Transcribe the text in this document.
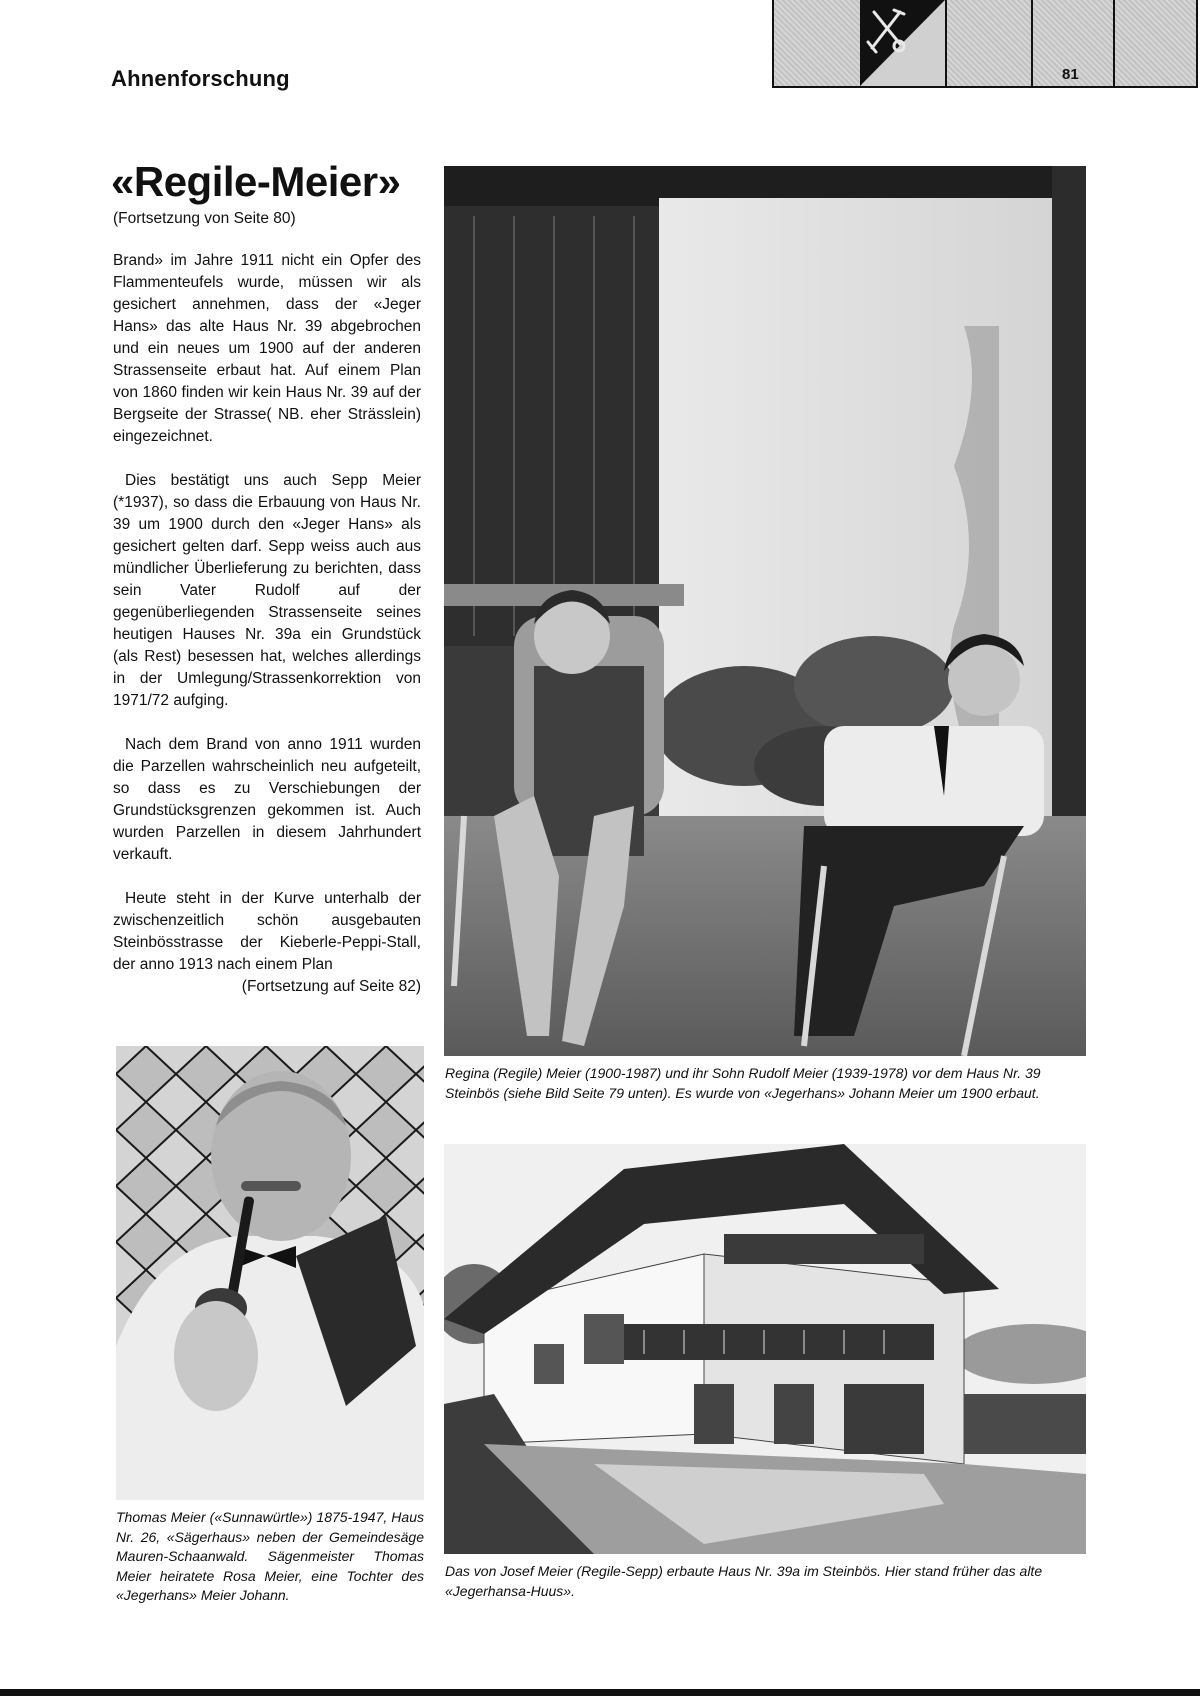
Ahnenforschung	81
«Regile-Meier»
(Fortsetzung von Seite 80)

Brand» im Jahre 1911 nicht ein Opfer des Flammenteufels wurde, müssen wir als gesichert annehmen, dass der «Jeger Hans» das alte Haus Nr. 39 abgebrochen und ein neues um 1900 auf der anderen Strassenseite erbaut hat. Auf einem Plan von 1860 finden wir kein Haus Nr. 39 auf der Bergseite der Strasse( NB. eher Strässlein) eingezeichnet.

Dies bestätigt uns auch Sepp Meier (*1937), so dass die Erbauung von Haus Nr. 39 um 1900 durch den «Jeger Hans» als gesichert gelten darf. Sepp weiss auch aus mündlicher Überlieferung zu berichten, dass sein Vater Rudolf auf der gegenüberliegenden Strassenseite seines heutigen Hauses Nr. 39a ein Grundstück (als Rest) besessen hat, welches allerdings in der Umlegung/Strassenkorrektion von 1971/72 aufging.

Nach dem Brand von anno 1911 wurden die Parzellen wahrscheinlich neu aufgeteilt, so dass es zu Verschiebungen der Grundstücksgrenzen gekommen ist. Auch wurden Parzellen in diesem Jahrhundert verkauft.

Heute steht in der Kurve unterhalb der zwischenzeitlich schön ausgebauten Steinbösstrasse der Kieberle-Peppi-Stall, der anno 1913 nach einem Plan

(Fortsetzung auf Seite 82)
Regina (Regile) Meier (1900-1987) und ihr Sohn Rudolf Meier (1939-1978) vor dem Haus Nr. 39 Steinbös (siehe Bild Seite 79 unten). Es wurde von «Jegerhans» Johann Meier um 1900 erbaut.
Thomas Meier («Sunnawürtle») 1875-1947, Haus Nr. 26, «Sägerhaus» neben der Gemeindesäge Mauren-Schaanwald. Sägenmeister Thomas Meier heiratete Rosa Meier, eine Tochter des «Jegerhans» Meier Johann.
Das von Josef Meier (Regile-Sepp) erbaute Haus Nr. 39a im Steinbös. Hier stand früher das alte «Jegerhansa-Huus».
